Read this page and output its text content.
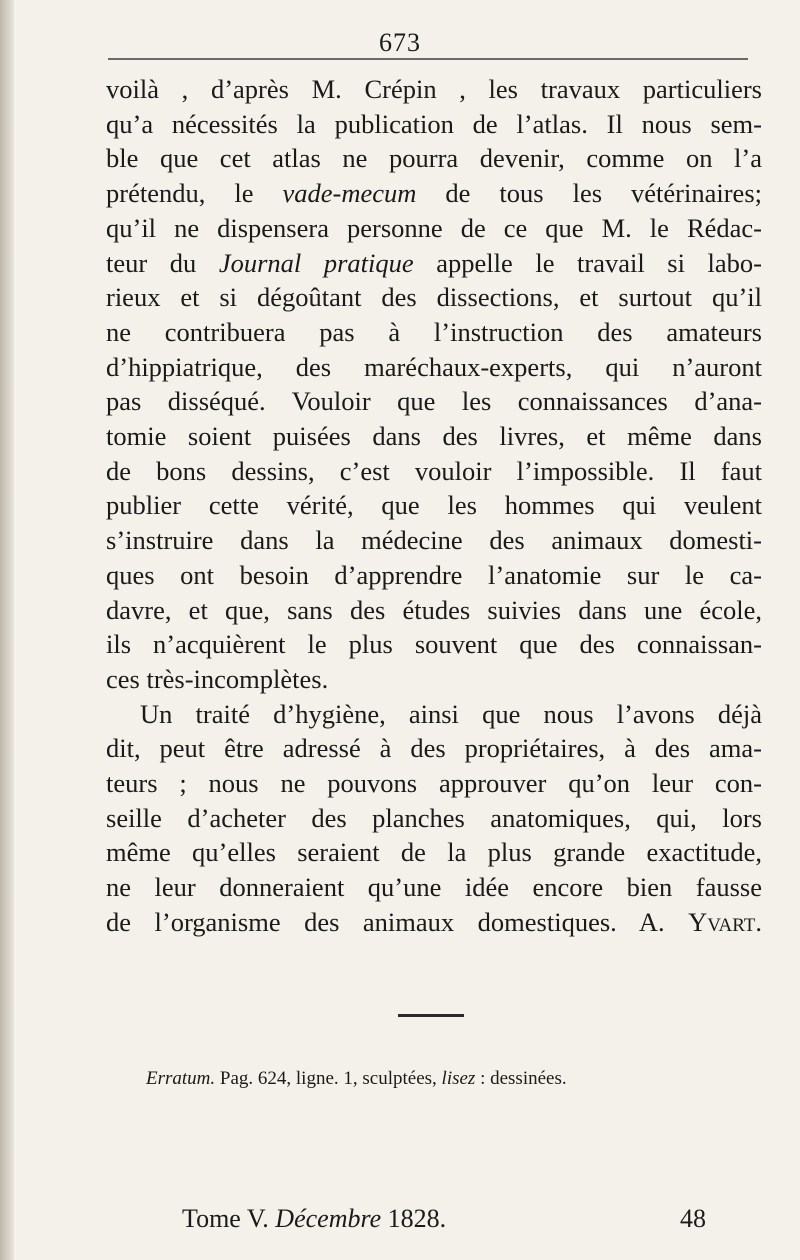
673
voilà , d’après M. Crépin , les travaux particuliers
qu’a nécessités la publication de l’atlas. Il nous sem-
ble que cet atlas ne pourra devenir, comme on l’a
prétendu, le vade-mecum de tous les vétérinaires;
qu’il ne dispensera personne de ce que M. le Rédac-
teur du Journal pratique appelle le travail si labo-
rieux et si dégoûtant des dissections, et surtout qu’il
ne contribuera pas à l’instruction des amateurs
d’hippiatrique, des maréchaux-experts, qui n’auront
pas disséqué. Vouloir que les connaissances d’ana-
tomie soient puisées dans des livres, et même dans
de bons dessins, c’est vouloir l’impossible. Il faut
publier cette vérité, que les hommes qui veulent
s’instruire dans la médecine des animaux domesti-
ques ont besoin d’apprendre l’anatomie sur le ca-
davre, et que, sans des études suivies dans une école,
ils n’acquièrent le plus souvent que des connaissan-
ces très-incomplètes.
Un traité d’hygiène, ainsi que nous l’avons déjà
dit, peut être adressé à des propriétaires, à des ama-
teurs ; nous ne pouvons approuver qu’on leur con-
seille d’acheter des planches anatomiques, qui, lors
même qu’elles seraient de la plus grande exactitude,
ne leur donneraient qu’une idée encore bien fausse
de l’organisme des animaux domestiques. A. Yvart.
Erratum. Pag. 624, ligne. 1, sculptées, lisez : dessinées.
Tome V. Décembre 1828.	48
